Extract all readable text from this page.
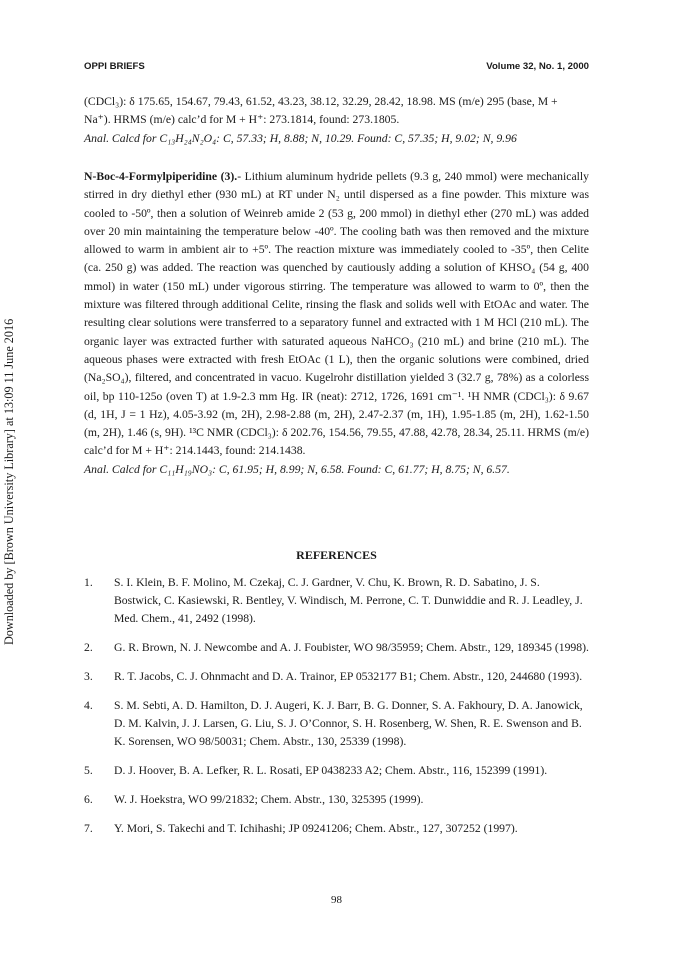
Downloaded by [Brown University Library] at 13:09 11 June 2016
OPPI BRIEFS	Volume 32, No. 1, 2000

(CDCl₃): δ 175.65, 154.67, 79.43, 61.52, 43.23, 38.12, 32.29, 28.42, 18.98. MS (m/e) 295 (base, M +

Na⁺). HRMS (m/e) calc’d for M + H⁺: 273.1814, found: 273.1805.

Anal. Calcd for C₁₃H₂₄N₂O₄: C, 57.33; H, 8.88; N, 10.29. Found: C, 57.35; H, 9.02; N, 9.96

N-Boc-4-Formylpiperidine (3).- Lithium aluminum hydride pellets (9.3 g, 240 mmol) were mechanically stirred in dry diethyl ether (930 mL) at RT under N₂ until dispersed as a fine powder. This mixture was cooled to -50º, then a solution of Weinreb amide 2 (53 g, 200 mmol) in diethyl ether (270 mL) was added over 20 min maintaining the temperature below -40º. The cooling bath was then removed and the mixture allowed to warm in ambient air to +5º. The reaction mixture was immediately cooled to -35º, then Celite (ca. 250 g) was added. The reaction was quenched by cautiously adding a solution of KHSO₄ (54 g, 400 mmol) in water (150 mL) under vigorous stirring. The temperature was allowed to warm to 0º, then the mixture was filtered through additional Celite, rinsing the flask and solids well with EtOAc and water. The resulting clear solutions were transferred to a separatory funnel and extracted with 1 M HCl (210 mL). The organic layer was extracted further with saturated aqueous NaHCO₃ (210 mL) and brine (210 mL). The aqueous phases were extracted with fresh EtOAc (1 L), then the organic solutions were combined, dried (Na₂SO₄), filtered, and concentrated in vacuo. Kugelrohr distillation yielded 3 (32.7 g, 78%) as a colorless oil, bp 110-125o (oven T) at 1.9-2.3 mm Hg. IR (neat): 2712, 1726, 1691 cm⁻¹. ¹H NMR (CDCl₃): δ 9.67 (d, 1H, J = 1 Hz), 4.05-3.92 (m, 2H), 2.98-2.88 (m, 2H), 2.47-2.37 (m, 1H), 1.95-1.85 (m, 2H), 1.62-1.50 (m, 2H), 1.46 (s, 9H). ¹³C NMR (CDCl₃): δ 202.76, 154.56, 79.55, 47.88, 42.78, 28.34, 25.11. HRMS (m/e) calc’d for M + H⁺: 214.1443, found: 214.1438.

Anal. Calcd for C₁₁H₁₉NO₃: C, 61.95; H, 8.99; N, 6.58. Found: C, 61.77; H, 8.75; N, 6.57.

REFERENCES
1.	S. I. Klein, B. F. Molino, M. Czekaj, C. J. Gardner, V. Chu, K. Brown, R. D. Sabatino, J. S. Bostwick, C. Kasiewski, R. Bentley, V. Windisch, M. Perrone, C. T. Dunwiddie and R. J. Leadley, J. Med. Chem., 41, 2492 (1998).
2.	G. R. Brown, N. J. Newcombe and A. J. Foubister, WO 98/35959; Chem. Abstr., 129, 189345 (1998).
3.	R. T. Jacobs, C. J. Ohnmacht and D. A. Trainor, EP 0532177 B1; Chem. Abstr., 120, 244680 (1993).
4.	S. M. Sebti, A. D. Hamilton, D. J. Augeri, K. J. Barr, B. G. Donner, S. A. Fakhoury, D. A. Janowick, D. M. Kalvin, J. J. Larsen, G. Liu, S. J. O’Connor, S. H. Rosenberg, W. Shen, R. E. Swenson and B. K. Sorensen, WO 98/50031; Chem. Abstr., 130, 25339 (1998).
5.	D. J. Hoover, B. A. Lefker, R. L. Rosati, EP 0438233 A2; Chem. Abstr., 116, 152399 (1991).
6.	W. J. Hoekstra, WO 99/21832; Chem. Abstr., 130, 325395 (1999).
7.	Y. Mori, S. Takechi and T. Ichihashi; JP 09241206; Chem. Abstr., 127, 307252 (1997).
98
